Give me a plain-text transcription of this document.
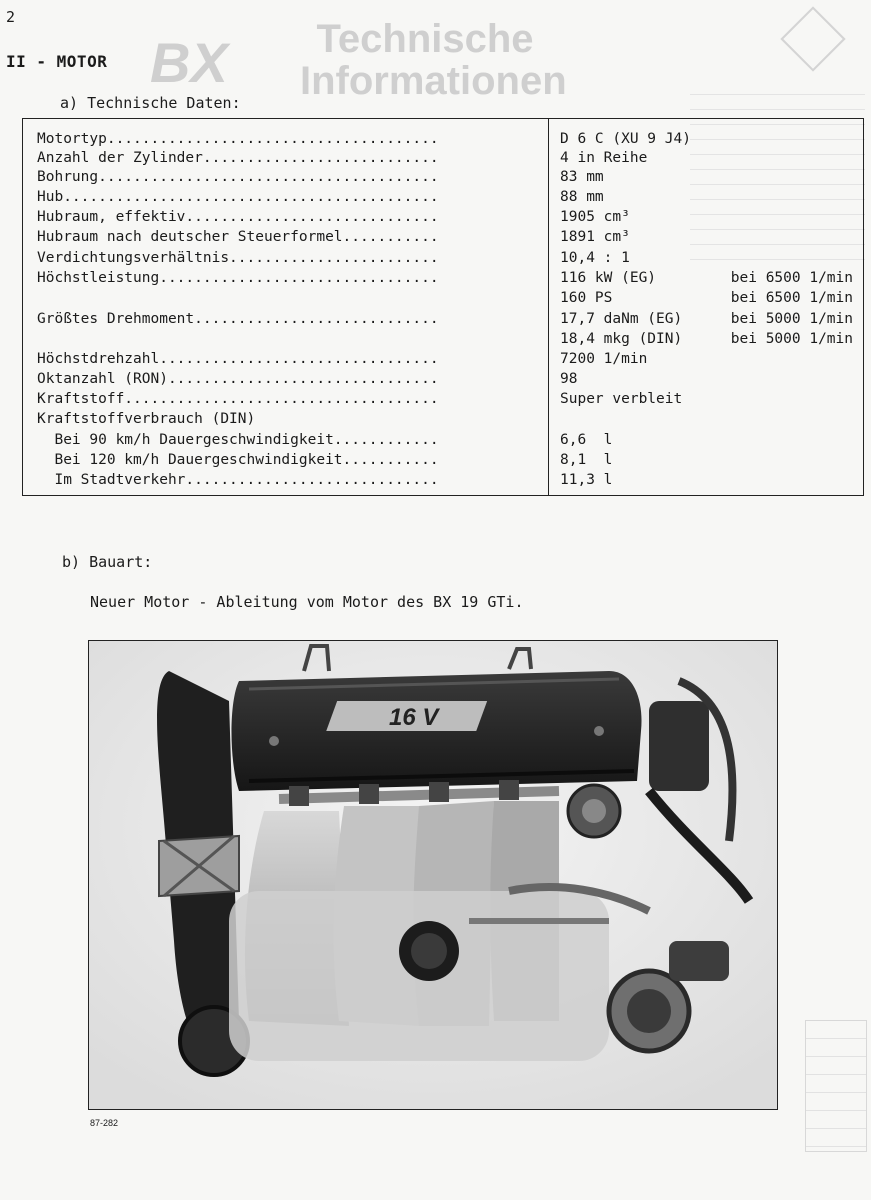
2
BX	Technische
Informationen
II - MOTOR
a) Technische Daten:
Motortyp......................................
Anzahl der Zylinder...........................
Bohrung.......................................
Hub...........................................
Hubraum, effektiv.............................
Hubraum nach deutscher Steuerformel...........
Verdichtungsverhältnis........................
Höchstleistung................................
Größtes Drehmoment............................
Höchstdrehzahl................................
Oktanzahl (RON)...............................
Kraftstoff....................................
Kraftstoffverbrauch (DIN)
Bei 90 km/h Dauergeschwindigkeit............
Bei 120 km/h Dauergeschwindigkeit...........
Im Stadtverkehr.............................
D 6 C (XU 9 J4)
4 in Reihe
83 mm
88 mm
1905 cm³
1891 cm³
10,4 : 1
116 kW (EG)
160 PS
17,7 daNm (EG)
18,4 mkg (DIN)
7200 1/min
98
Super verbleit
6,6  l
8,1  l
11,3 l
bei 6500 1/min
bei 6500 1/min
bei 5000 1/min
bei 5000 1/min
b) Bauart:
Neuer Motor - Ableitung vom Motor des BX 19 GTi.
16 V
87-282
